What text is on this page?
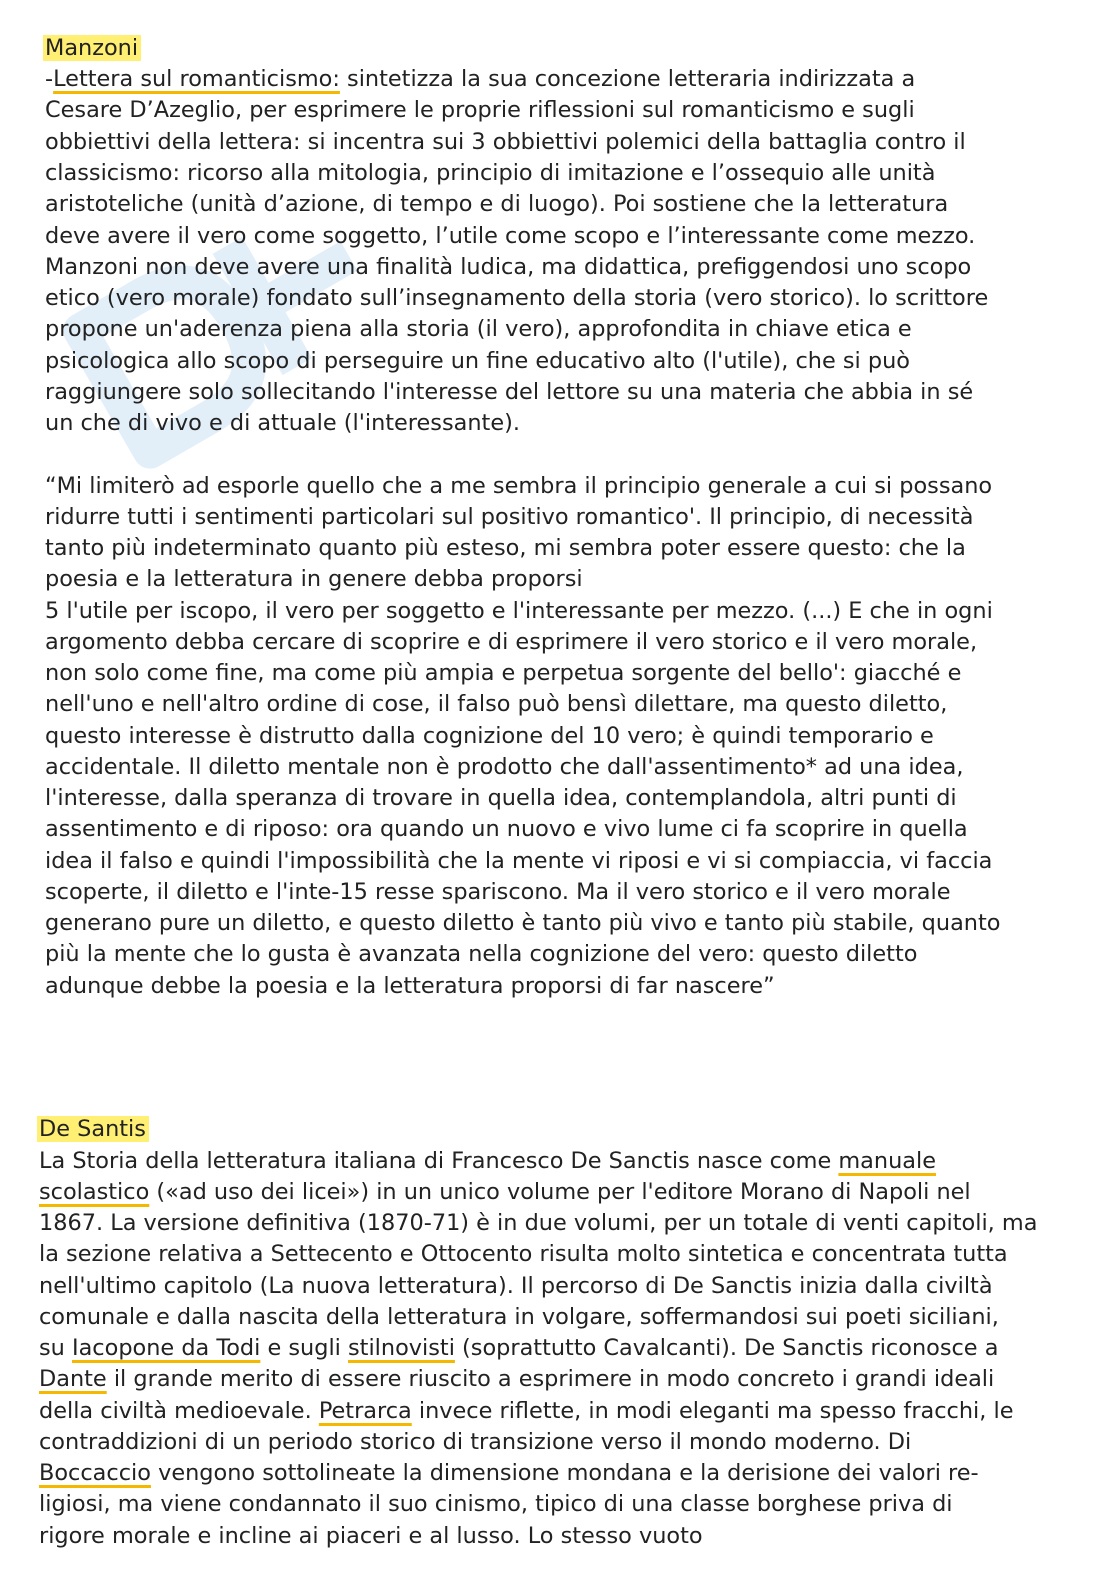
Manzoni
-Lettera sul romanticismo: sintetizza la sua concezione letteraria indirizzata a
Cesare D’Azeglio, per esprimere le proprie riflessioni sul romanticismo e sugli
obbiettivi della lettera: si incentra sui 3 obbiettivi polemici della battaglia contro il
classicismo: ricorso alla mitologia, principio di imitazione e l’ossequio alle unità
aristoteliche (unità d’azione, di tempo e di luogo). Poi sostiene che la letteratura
deve avere il vero come soggetto, l’utile come scopo e l’interessante come mezzo.
Manzoni non deve avere una finalità ludica, ma didattica, prefiggendosi uno scopo
etico (vero morale) fondato sull’insegnamento della storia (vero storico). lo scrittore
propone un'aderenza piena alla storia (il vero), approfondita in chiave etica e
psicologica allo scopo di perseguire un fine educativo alto (l'utile), che si può
raggiungere solo sollecitando l'interesse del lettore su una materia che abbia in sé
un che di vivo e di attuale (l'interessante).
“Mi limiterò ad esporle quello che a me sembra il principio generale a cui si possano
ridurre tutti i sentimenti particolari sul positivo romantico'. Il principio, di necessità
tanto più indeterminato quanto più esteso, mi sembra poter essere questo: che la
poesia e la letteratura in genere debba proporsi
5 l'utile per iscopo, il vero per soggetto e l'interessante per mezzo. (...) E che in ogni
argomento debba cercare di scoprire e di esprimere il vero storico e il vero morale,
non solo come fine, ma come più ampia e perpetua sorgente del bello': giacché e
nell'uno e nell'altro ordine di cose, il falso può bensì dilettare, ma questo diletto,
questo interesse è distrutto dalla cognizione del 10 vero; è quindi temporario e
accidentale. Il diletto mentale non è prodotto che dall'assentimento* ad una idea,
l'interesse, dalla speranza di trovare in quella idea, contemplandola, altri punti di
assentimento e di riposo: ora quando un nuovo e vivo lume ci fa scoprire in quella
idea il falso e quindi l'impossibilità che la mente vi riposi e vi si compiaccia, vi faccia
scoperte, il diletto e l'inte-15 resse spariscono. Ma il vero storico e il vero morale
generano pure un diletto, e questo diletto è tanto più vivo e tanto più stabile, quanto
più la mente che lo gusta è avanzata nella cognizione del vero: questo diletto
adunque debbe la poesia e la letteratura proporsi di far nascere”
De Santis
La Storia della letteratura italiana di Francesco De Sanctis nasce come manuale
scolastico («ad uso dei licei») in un unico volume per l'editore Morano di Napoli nel
1867. La versione definitiva (1870-71) è in due volumi, per un totale di venti capitoli, ma
la sezione relativa a Settecento e Ottocento risulta molto sintetica e concentrata tutta
nell'ultimo capitolo (La nuova letteratura). Il percorso di De Sanctis inizia dalla civiltà
comunale e dalla nascita della letteratura in volgare, soffermandosi sui poeti siciliani,
su Iacopone da Todi e sugli stilnovisti (soprattutto Cavalcanti). De Sanctis riconosce a
Dante il grande merito di essere riuscito a esprimere in modo concreto i grandi ideali
della civiltà medioevale. Petrarca invece riflette, in modi eleganti ma spesso fracchi, le
contraddizioni di un periodo storico di transizione verso il mondo moderno. Di
Boccaccio vengono sottolineate la dimensione mondana e la derisione dei valori re-
ligiosi, ma viene condannato il suo cinismo, tipico di una classe borghese priva di
rigore morale e incline ai piaceri e al lusso. Lo stesso vuoto
